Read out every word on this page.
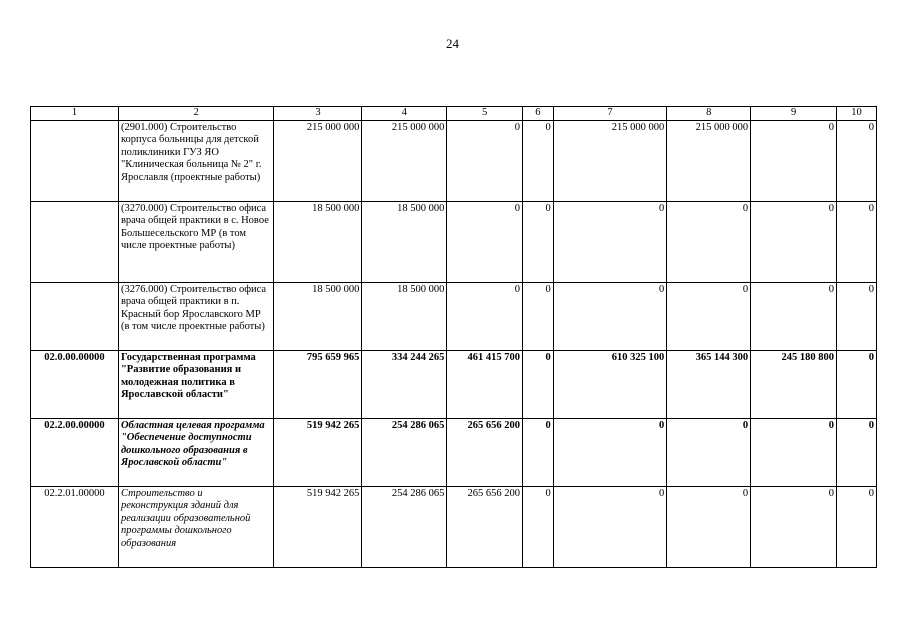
24
1	2	3	4	5	6	7	8	9	10
	(2901.000) Строительство корпуса больницы для детской поликлиники ГУЗ ЯО "Клиническая больница № 2" г. Ярославля (проектные работы)	215 000 000	215 000 000	0	0	215 000 000	215 000 000	0	0
	(3270.000) Строительство офиса врача общей практики в с. Новое Большесельского МР (в том числе проектные работы)	18 500 000	18 500 000	0	0	0	0	0	0
	(3276.000) Строительство офиса врача общей практики в п. Красный бор Ярославского МР (в том числе проектные работы)	18 500 000	18 500 000	0	0	0	0	0	0
02.0.00.00000	Государственная программа "Развитие образования и молодежная политика в Ярославской области"	795 659 965	334 244 265	461 415 700	0	610 325 100	365 144 300	245 180 800	0
02.2.00.00000	Областная целевая программа "Обеспечение доступности дошкольного образования в Ярославской области"	519 942 265	254 286 065	265 656 200	0	0	0	0	0
02.2.01.00000	Строительство и реконструкция зданий для реализации образовательной программы дошкольного образования	519 942 265	254 286 065	265 656 200	0	0	0	0	0
